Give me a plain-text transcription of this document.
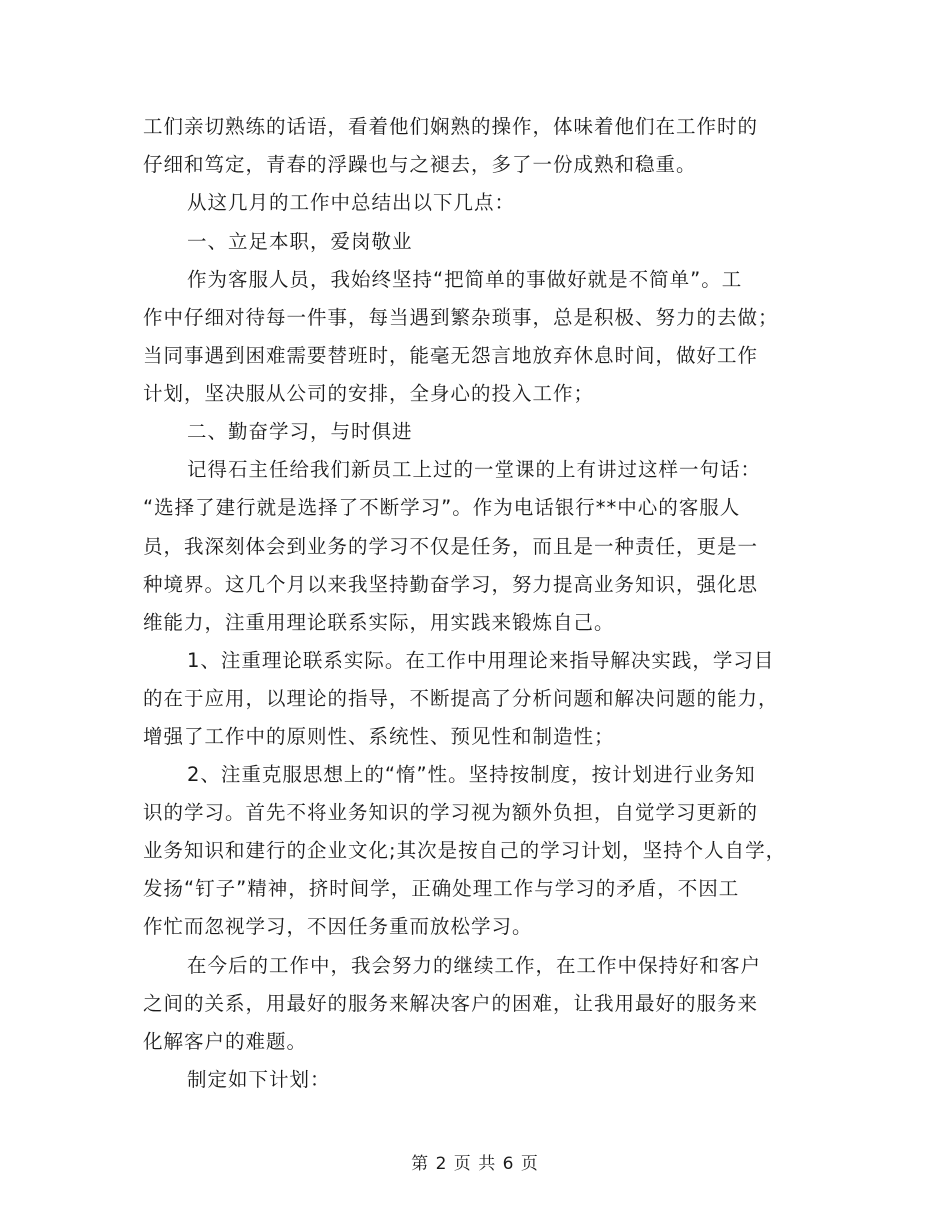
工们亲切熟练的话语，看着他们娴熟的操作，体味着他们在工作时的
仔细和笃定，青春的浮躁也与之褪去，多了一份成熟和稳重。
从这几月的工作中总结出以下几点：
一、立足本职，爱岗敬业
作为客服人员，我始终坚持“把简单的事做好就是不简单”。工
作中仔细对待每一件事，每当遇到繁杂琐事，总是积极、努力的去做；
当同事遇到困难需要替班时，能毫无怨言地放弃休息时间，做好工作
计划，坚决服从公司的安排，全身心的投入工作；
二、勤奋学习，与时俱进
记得石主任给我们新员工上过的一堂课的上有讲过这样一句话：
“选择了建行就是选择了不断学习”。作为电话银行**中心的客服人
员，我深刻体会到业务的学习不仅是任务，而且是一种责任，更是一
种境界。这几个月以来我坚持勤奋学习，努力提高业务知识，强化思
维能力，注重用理论联系实际，用实践来锻炼自己。
1、注重理论联系实际。在工作中用理论来指导解决实践，学习目
的在于应用，以理论的指导，不断提高了分析问题和解决问题的能力，
增强了工作中的原则性、系统性、预见性和制造性；
2、注重克服思想上的“惰”性。坚持按制度，按计划进行业务知
识的学习。首先不将业务知识的学习视为额外负担，自觉学习更新的
业务知识和建行的企业文化;其次是按自己的学习计划，坚持个人自学，
发扬“钉子”精神，挤时间学，正确处理工作与学习的矛盾，不因工
作忙而忽视学习，不因任务重而放松学习。
在今后的工作中，我会努力的继续工作，在工作中保持好和客户
之间的关系，用最好的服务来解决客户的困难，让我用最好的服务来
化解客户的难题。
制定如下计划：
第 2 页 共 6 页
